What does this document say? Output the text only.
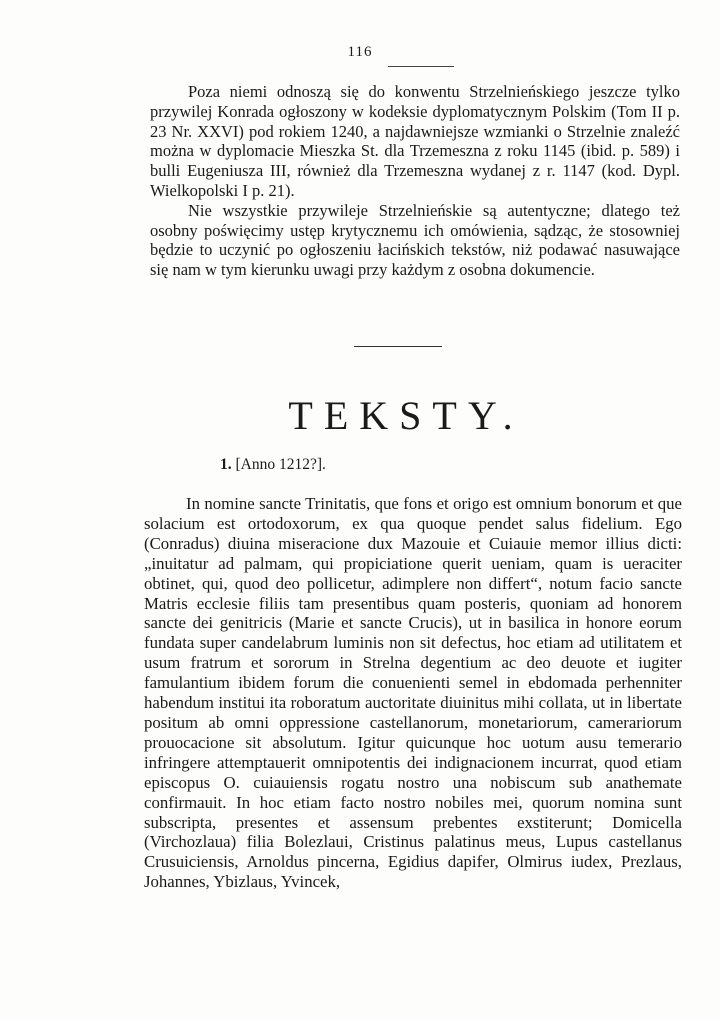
116

Poza niemi odnoszą się do konwentu Strzelnieńskiego jeszcze tylko przywilej Konrada ogłoszony w kodeksie dyplomatycznym Polskim (Tom II p. 23 Nr. XXVI) pod rokiem 1240, a najdawniejsze wzmianki o Strzelnie znaleźć można w dyplomacie Mieszka St. dla Trzemeszna z roku 1145 (ibid. p. 589) i bulli Eugeniusza III, również dla Trzemeszna wydanej z r. 1147 (kod. Dypl. Wielkopolski I p. 21).

Nie wszystkie przywileje Strzelnieńskie są autentyczne; dlatego też osobny poświęcimy ustęp krytycznemu ich omówienia, sądząc, że stosowniej będzie to uczynić po ogłoszeniu łacińskich tekstów, niż podawać nasuwające się nam w tym kierunku uwagi przy każdym z osobna dokumencie.

TEKSTY.
1. [Anno 1212?].

In nomine sancte Trinitatis, que fons et origo est omnium bonorum et que solacium est ortodoxorum, ex qua quoque pendet salus fidelium. Ego (Conradus) diuina miseracione dux Mazouie et Cuiauie memor illius dicti: „inuitatur ad palmam, qui propiciatione querit ueniam, quam is ueraciter obtinet, qui, quod deo pollicetur, adimplere non differt“, notum facio sancte Matris ecclesie filiis tam presentibus quam posteris, quoniam ad honorem sancte dei genitricis (Marie et sancte Crucis), ut in basilica in honore eorum fundata super candelabrum luminis non sit defectus, hoc etiam ad utilitatem et usum fratrum et sororum in Strelna degentium ac deo deuote et iugiter famulantium ibidem forum die conuenienti semel in ebdomada perhenniter habendum institui ita roboratum auctoritate diuinitus mihi collata, ut in libertate positum ab omni oppressione castellanorum, monetariorum, camerariorum prouocacione sit absolutum. Igitur quicunque hoc uotum ausu temerario infringere attemptauerit omnipotentis dei indignacionem incurrat, quod etiam episcopus O. cuiauiensis rogatu nostro una nobiscum sub anathemate confirmauit. In hoc etiam facto nostro nobiles mei, quorum nomina sunt subscripta, presentes et assensum prebentes exstiterunt; Domicella (Virchozlaua) filia Bolezlaui, Cristinus palatinus meus, Lupus castellanus Crusuiciensis, Arnoldus pincerna, Egidius dapifer, Olmirus iudex, Prezlaus, Johannes, Ybizlaus, Yvincek,
